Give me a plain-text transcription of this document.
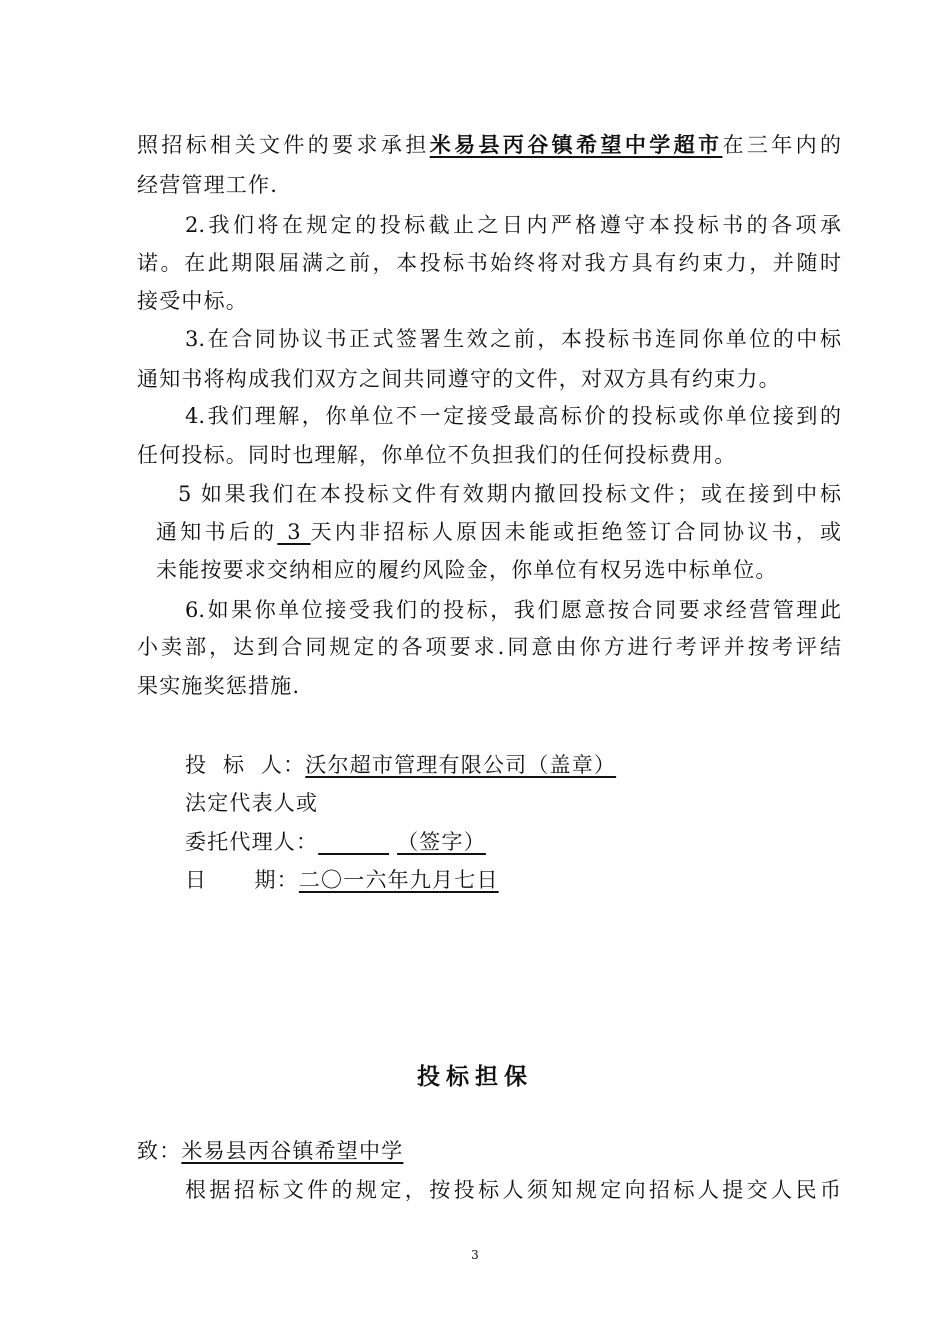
照招标相关文件的要求承担米易县丙谷镇希望中学超市在三年内的
经营管理工作.
2.我们将在规定的投标截止之日内严格遵守本投标书的各项承
诺。在此期限届满之前，本投标书始终将对我方具有约束力，并随时
接受中标。
3.在合同协议书正式签署生效之前，本投标书连同你单位的中标
通知书将构成我们双方之间共同遵守的文件，对双方具有约束力。
4.我们理解，你单位不一定接受最高标价的投标或你单位接到的
任何投标。同时也理解，你单位不负担我们的任何投标费用。
5 如果我们在本投标文件有效期内撤回投标文件；或在接到中标
通知书后的 3 天内非招标人原因未能或拒绝签订合同协议书，或
未能按要求交纳相应的履约风险金，你单位有权另选中标单位。
6.如果你单位接受我们的投标，我们愿意按合同要求经营管理此
小卖部，达到合同规定的各项要求.同意由你方进行考评并按考评结
果实施奖惩措施.
投  标  人：沃尔超市管理有限公司（盖章）
法定代表人或
委托代理人：	（签字）
日      期：二〇一六年九月七日
投标担保
致：米易县丙谷镇希望中学
根据招标文件的规定，按投标人须知规定向招标人提交人民币
3
